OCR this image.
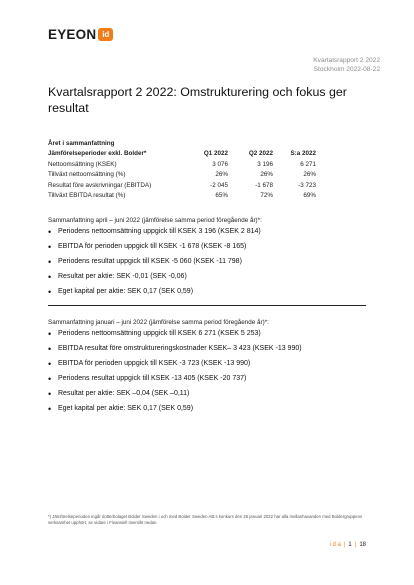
EYEON id
Kvartalsrapport 2 2022
Stockholm 2022-08-22
Kvartalsrapport 2 2022: Omstrukturering och fokus ger resultat
Året i sammanfattning			
Jämförelseperioder exkl. Bolder*	Q1 2022	Q2 2022	S:a 2022
Nettoomsättning (KSEK)	3 076	3 196	6 271
Tillväxt nettoomsättning (%)	26%	26%	26%
Resultat före avskrivningar (EBITDA)	-2 045	-1 678	-3 723
Tillväxt EBITDA resultat (%)	65%	72%	69%
Sammanfattning april – juni 2022 (jämförelse samma period föregående år)*:
• Periodens nettoomsättning uppgick till KSEK 3 196 (KSEK 2 814)
• EBITDA för perioden uppgick till KSEK -1 678 (KSEK -8 165)
• Periodens resultat uppgick till KSEK -5 060 (KSEK -11 798)
• Resultat per aktie: SEK -0,01 (SEK -0,06)
• Eget kapital per aktie: SEK 0,17 (SEK 0,59)
Sammanfattning januari – juni 2022 (jämförelse samma period föregående år)*:
• Periodens nettoomsättning uppgick till KSEK 6 271 (KSEK 5 253)
• EBITDA resultat före omstruktureringskostnader KSEK– 3 423 (KSEK -13 990)
• EBITDA för perioden uppgick till KSEK -3 723 (KSEK -13 990)
• Periodens resultat uppgick till KSEK -13 405 (KSEK -20 737)
• Resultat per aktie: SEK –0,04 (SEK –0,11)
• Eget kapital per aktie: SEK 0,17 (SEK 0,59)
*) Jämförelseperioden ingår dotterbolaget Bolder Sweden i och med Bolder Sweden AB:s konkurs den 25 januari 2022 har alla mellanhavanden med Boldergruppens verksamhet upphört, se vidare i Finansiell översikt nedan.
i d a | 1 | 18
